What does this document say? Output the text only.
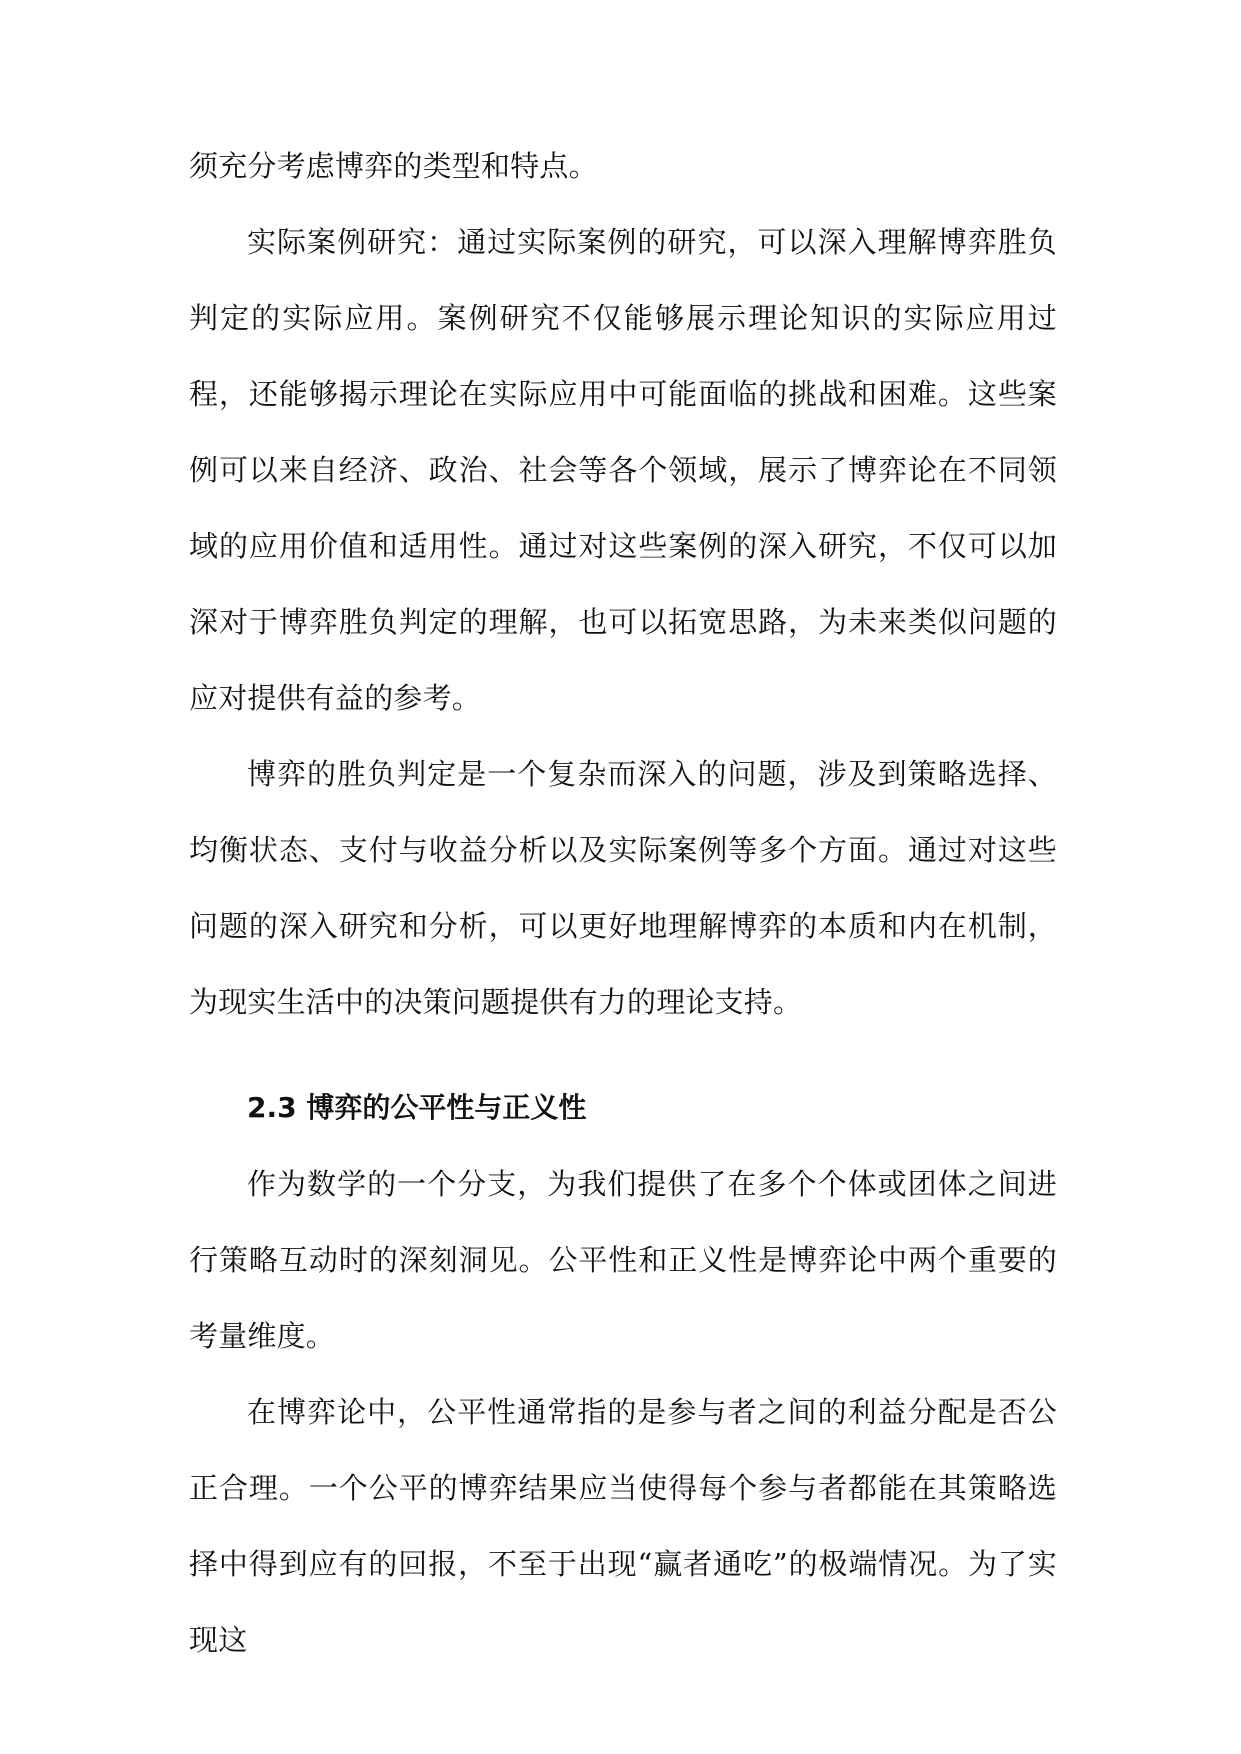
须充分考虑博弈的类型和特点。

实际案例研究：通过实际案例的研究，可以深入理解博弈胜负判定的实际应用。案例研究不仅能够展示理论知识的实际应用过程，还能够揭示理论在实际应用中可能面临的挑战和困难。这些案例可以来自经济、政治、社会等各个领域，展示了博弈论在不同领域的应用价值和适用性。通过对这些案例的深入研究，不仅可以加深对于博弈胜负判定的理解，也可以拓宽思路，为未来类似问题的应对提供有益的参考。

博弈的胜负判定是一个复杂而深入的问题，涉及到策略选择、均衡状态、支付与收益分析以及实际案例等多个方面。通过对这些问题的深入研究和分析，可以更好地理解博弈的本质和内在机制，为现实生活中的决策问题提供有力的理论支持。

2.3 博弈的公平性与正义性

作为数学的一个分支，为我们提供了在多个个体或团体之间进行策略互动时的深刻洞见。公平性和正义性是博弈论中两个重要的考量维度。

在博弈论中，公平性通常指的是参与者之间的利益分配是否公正合理。一个公平的博弈结果应当使得每个参与者都能在其策略选择中得到应有的回报，不至于出现“赢者通吃”的极端情况。为了实现这
